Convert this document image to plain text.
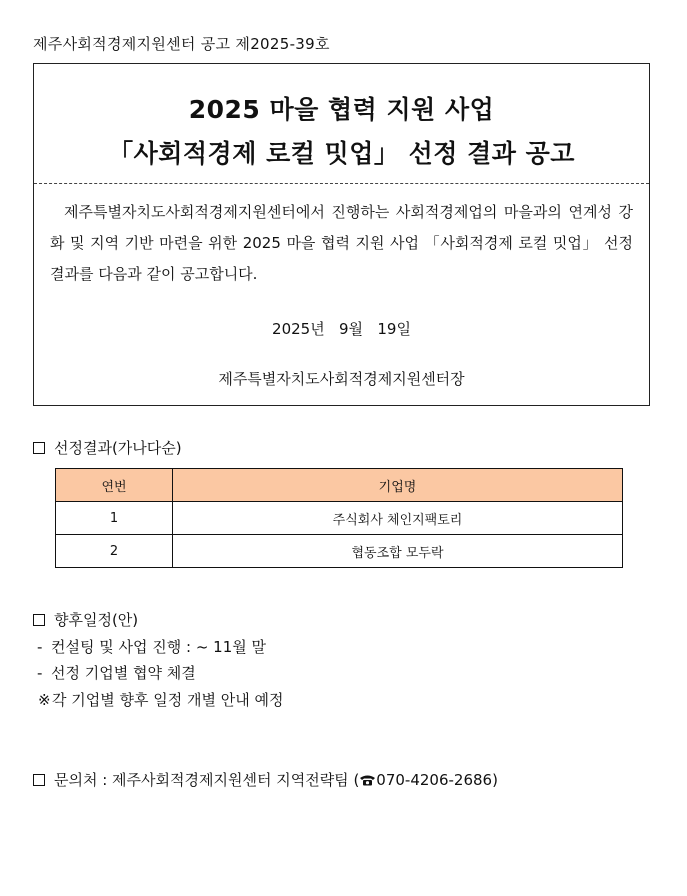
제주사회적경제지원센터 공고 제2025-39호
2025 마을 협력 지원 사업
「사회적경제 로컬 밋업」 선정 결과 공고
제주특별자치도사회적경제지원센터에서 진행하는 사회적경제업의 마을과의 연계성 강화 및 지역 기반 마련을 위한 2025 마을 협력 지원 사업 「사회적경제 로컬 밋업」 선정 결과를 다음과 같이 공고합니다.
2025년   9월   19일
제주특별자치도사회적경제지원센터장
선정결과(가나다순)
연번	기업명
1	주식회사 체인지팩토리
2	협동조합 모두락
향후일정(안)
- 컨설팅 및 사업 진행 : ~ 11월 말
- 선정 기업별 협약 체결
※각 기업별 향후 일정 개별 안내 예정
문의처 : 제주사회적경제지원센터 지역전략팀 ( 070-4206-2686)
